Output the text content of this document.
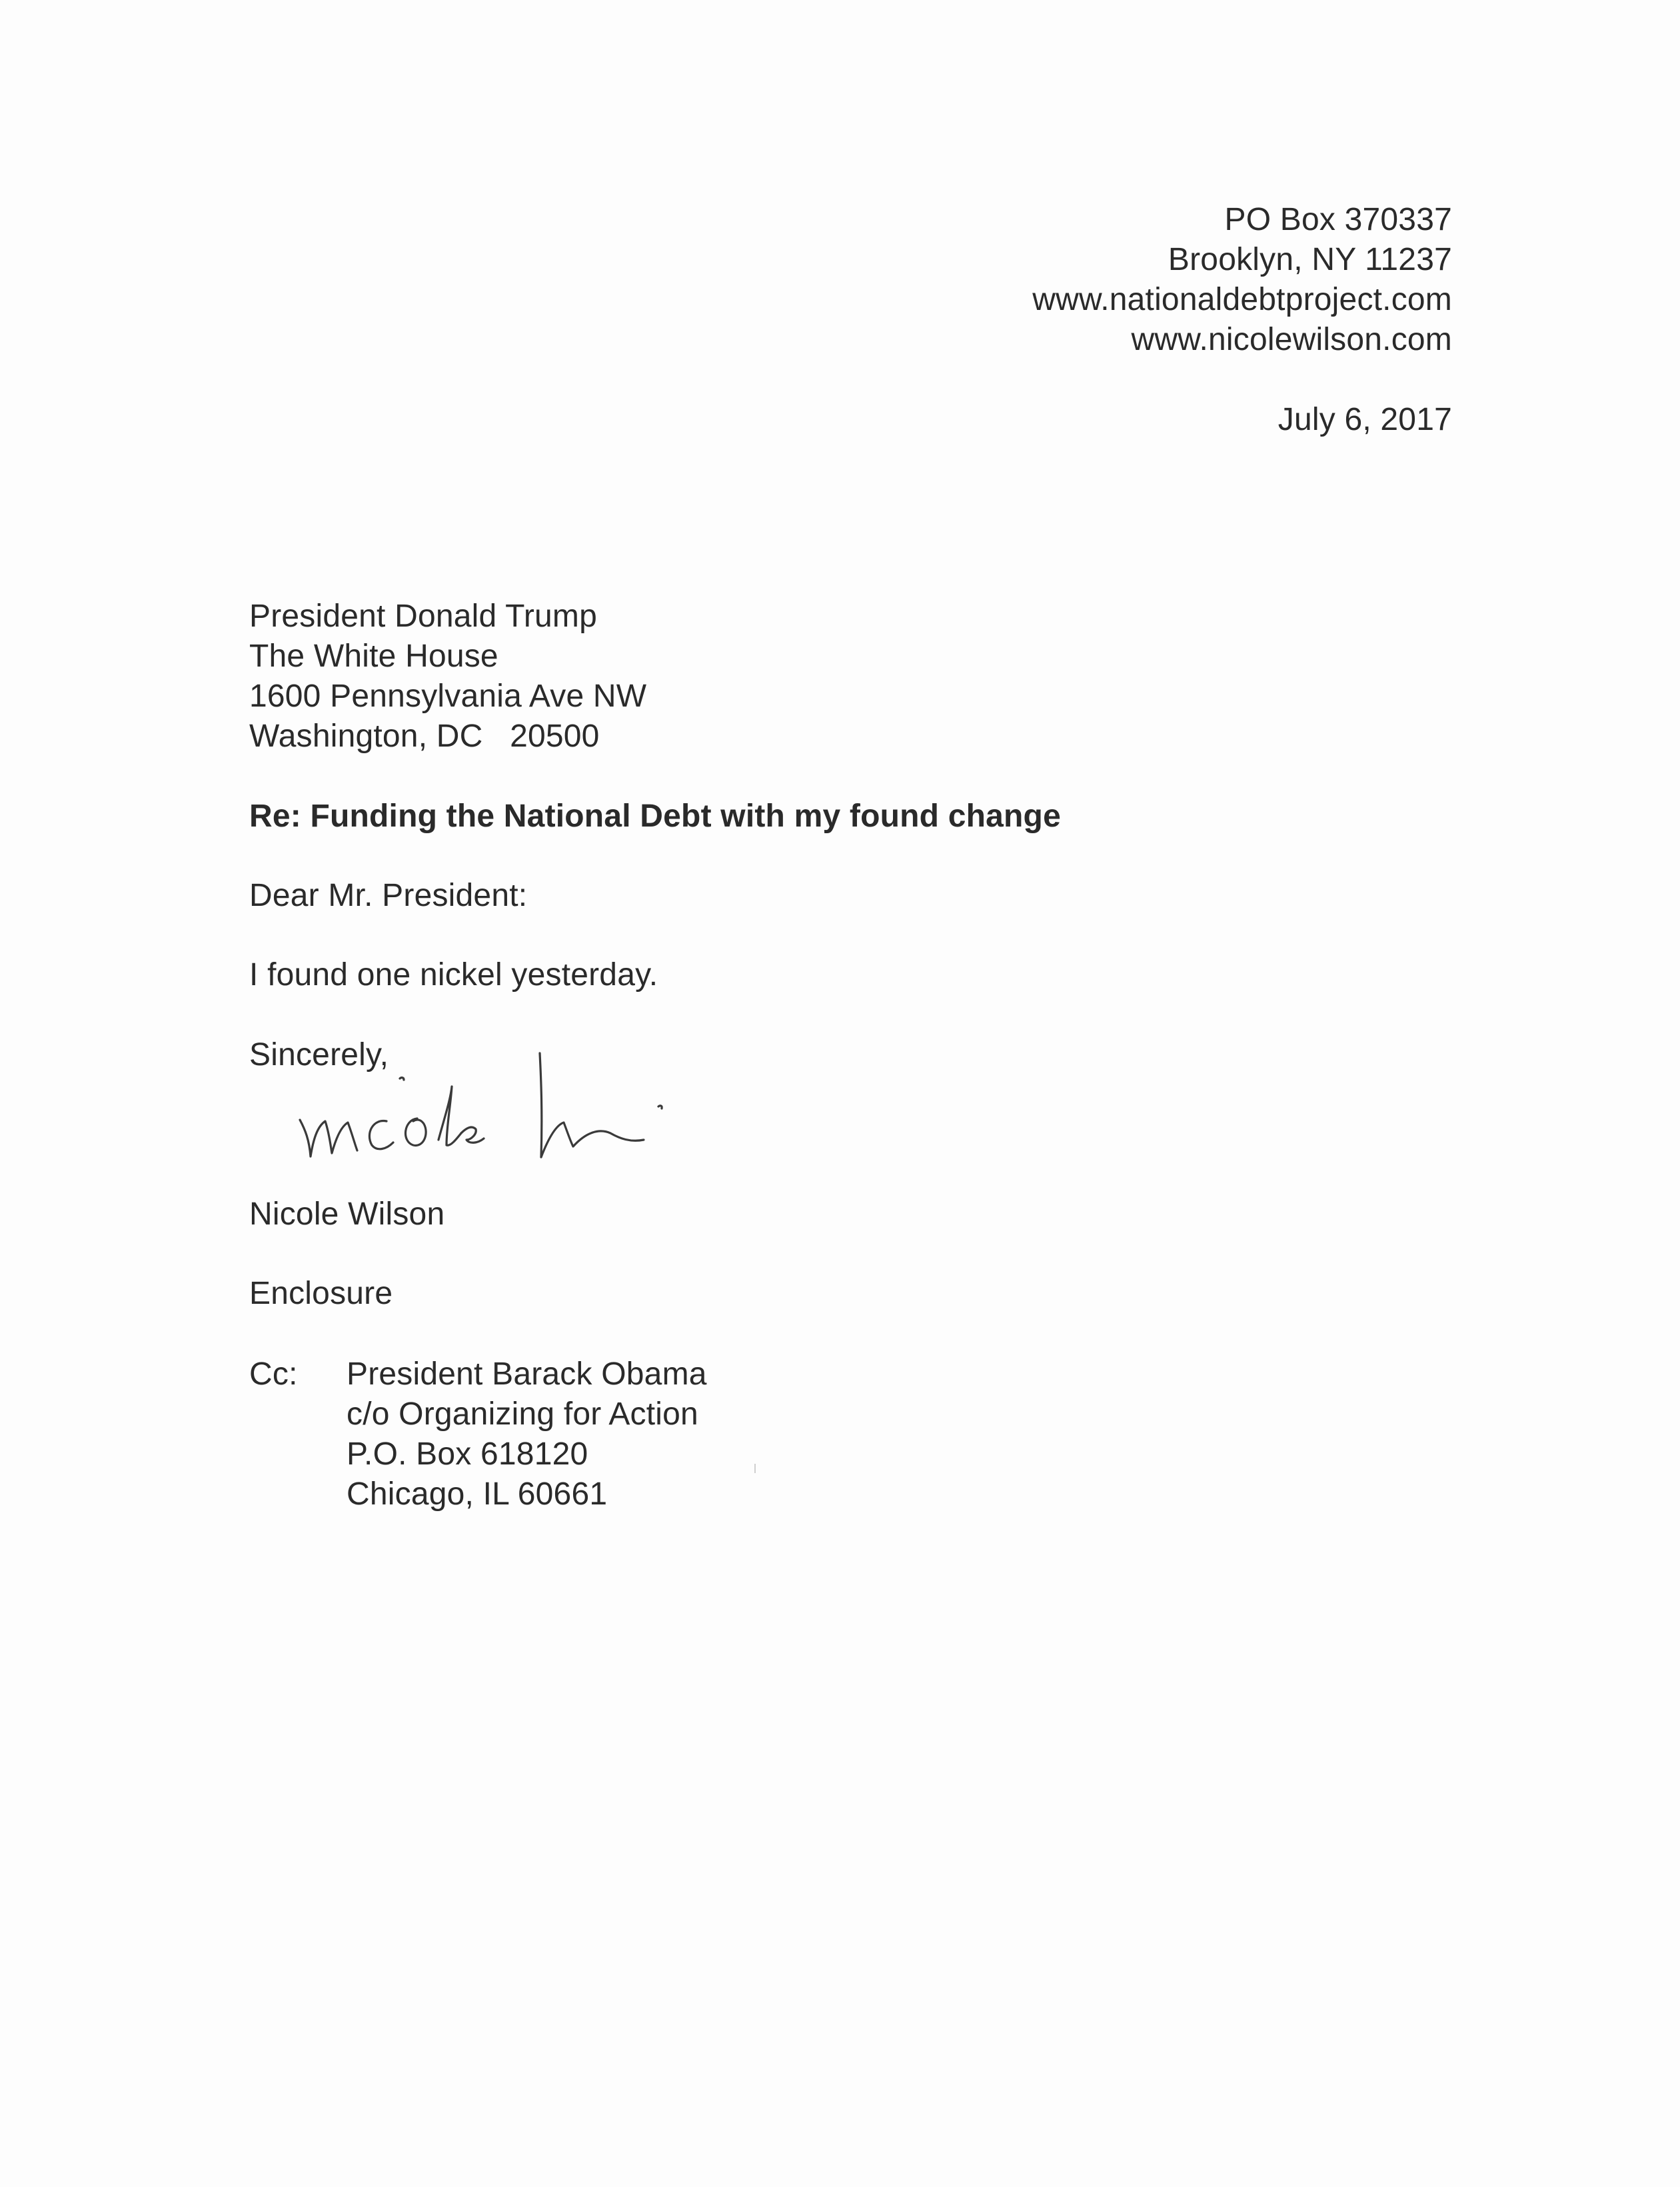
PO Box 370337
Brooklyn, NY 11237
www.nationaldebtproject.com
www.nicolewilson.com
July 6, 2017
President Donald Trump
The White House
1600 Pennsylvania Ave NW
Washington, DC   20500
Re: Funding the National Debt with my found change
Dear Mr. President:
I found one nickel yesterday.
Sincerely,
Nicole Wilson
Enclosure
Cc: President Barack Obama
c/o Organizing for Action
P.O. Box 618120
Chicago, IL 60661
